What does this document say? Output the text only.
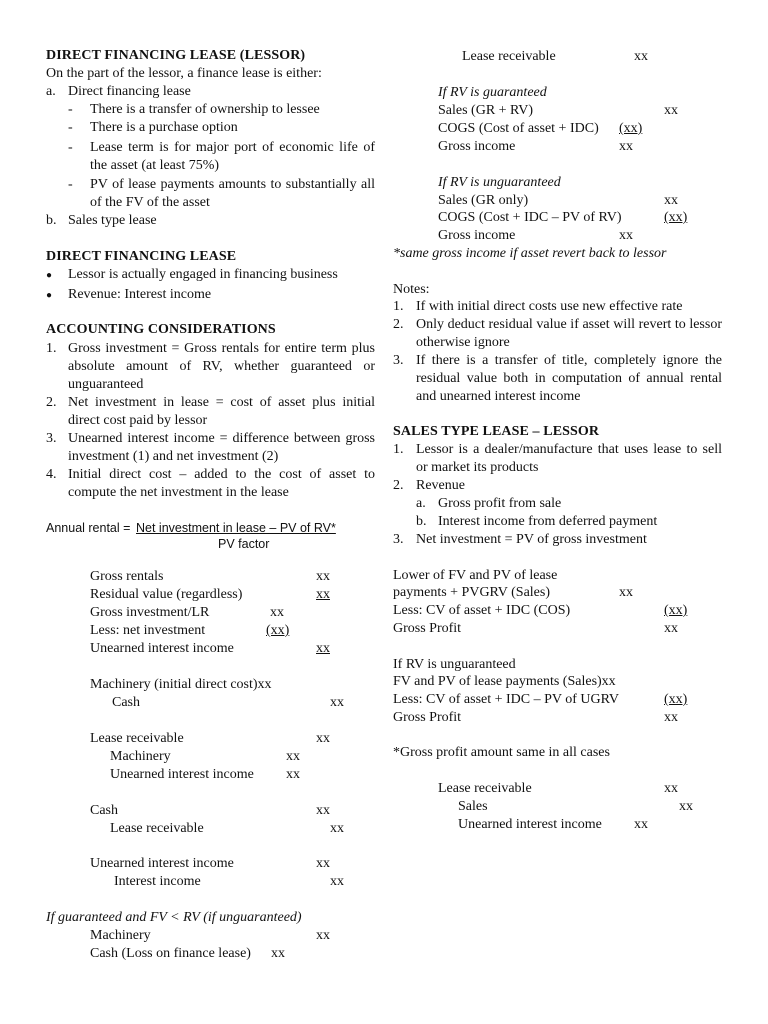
DIRECT FINANCING LEASE (LESSOR)
On the part of the lessor, a finance lease is either:
a. Direct financing lease
- There is a transfer of ownership to lessee
- There is a purchase option
- Lease term is for major port of economic life of the asset (at least 75%)
- PV of lease payments amounts to substantially all of the FV of the asset
b. Sales type lease
DIRECT FINANCING LEASE
● Lessor is actually engaged in financing business
● Revenue: Interest income
ACCOUNTING CONSIDERATIONS
1. Gross investment = Gross rentals for entire term plus absolute amount of RV, whether guaranteed or unguaranteed
2. Net investment in lease = cost of asset plus initial direct cost paid by lessor
3. Unearned interest income = difference between gross investment (1) and net investment (2)
4. Initial direct cost – added to the cost of asset to compute the net investment in the lease
Annual rental = Net investment in lease – PV of RV*
PV factor
Gross rentals	xx
Residual value (regardless)	xx
Gross investment/LR	xx
Less: net investment	(xx)
Unearned interest income	xx
Machinery (initial direct cost)xx
Cash	xx
Lease receivable	xx
Machinery	xx
Unearned interest income xx
Cash	xx
Lease receivable	xx
Unearned interest income	xx
Interest income	xx
If guaranteed and FV < RV (if unguaranteed)
Machinery	xx
Cash (Loss on finance lease) xx
Lease receivable	xx
If RV is guaranteed
Sales (GR + RV)	xx
COGS (Cost of asset + IDC) (xx)
Gross income	xx
If RV is unguaranteed
Sales (GR only)	xx
COGS (Cost + IDC – PV of RV)	(xx)
Gross income	xx
*same gross income if asset revert back to lessor
Notes:
1. If with initial direct costs use new effective rate
2. Only deduct residual value if asset will revert to lessor otherwise ignore
3. If there is a transfer of title, completely ignore the residual value both in computation of annual rental and unearned interest income
SALES TYPE LEASE – LESSOR
1. Lessor is a dealer/manufacture that uses lease to sell or market its products
2. Revenue
a. Gross profit from sale
b. Interest income from deferred payment
3. Net investment = PV of gross investment
Lower of FV and PV of lease
payments + PVGRV (Sales)	xx
Less: CV of asset + IDC (COS)	(xx)
Gross Profit	xx
If RV is unguaranteed
FV and PV of lease payments (Sales)xx
Less: CV of asset + IDC – PV of UGRV	(xx)
Gross Profit	xx
*Gross profit amount same in all cases
Lease receivable	xx
Sales	xx
Unearned interest income xx
